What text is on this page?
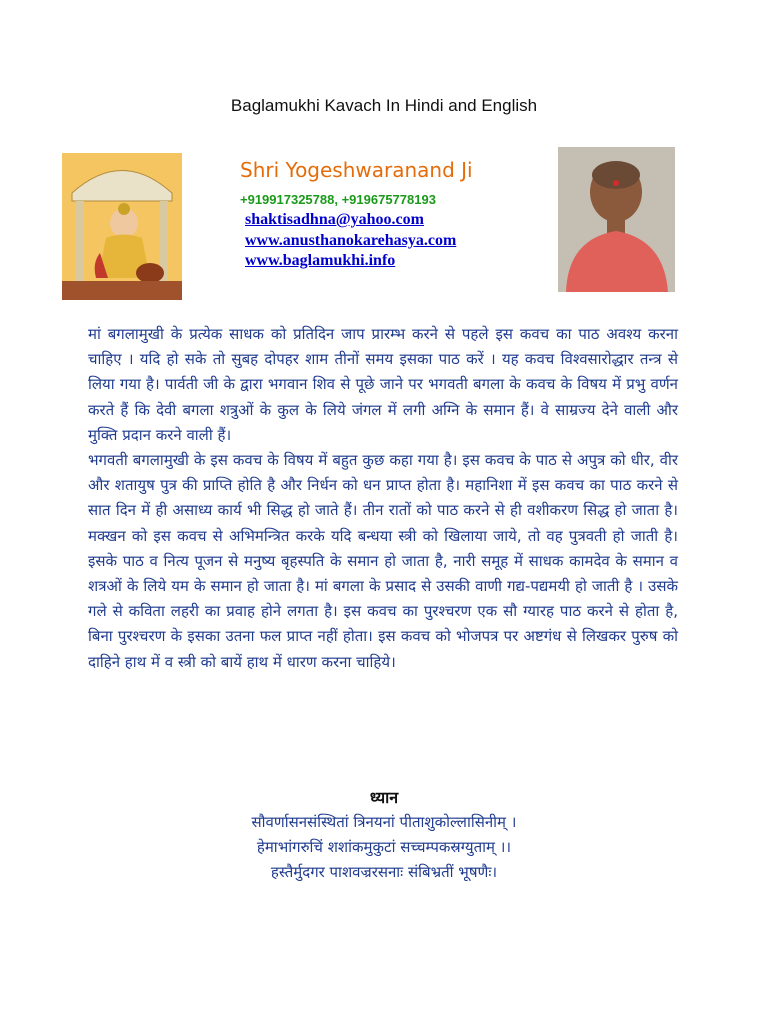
Baglamukhi Kavach In Hindi and English
Shri Yogeshwaranand Ji
+919917325788, +919675778193
shaktisadhna@yahoo.com
www.anusthanokarehasya.com
www.baglamukhi.info

मां बगलामुखी के प्रत्येक साधक को प्रतिदिन जाप प्रारम्भ करने से पहले इस कवच का पाठ अवश्य करना चाहिए । यदि हो सके तो सुबह दोपहर शाम तीनों समय इसका पाठ करें । यह कवच विश्वसारोद्धार तन्त्र से लिया गया है। पार्वती जी के द्वारा भगवान शिव से पूछे जाने पर भगवती बगला के कवच के विषय में प्रभु वर्णन करते हैं कि देवी बगला शत्रुओं के कुल के लिये जंगल में लगी अग्नि के समान हैं। वे साम्रज्य देने वाली और मुक्ति प्रदान करने वाली हैं।

भगवती बगलामुखी के इस कवच के विषय में बहुत कुछ कहा गया है। इस कवच के पाठ से अपुत्र को धीर, वीर और शतायुष पुत्र की प्राप्ति होति है और निर्धन को धन प्राप्त होता है। महानिशा में इस कवच का पाठ करने से सात दिन में ही असाध्य कार्य भी सिद्ध हो जाते हैं। तीन रातों को पाठ करने से ही वशीकरण सिद्ध हो जाता है। मक्खन को इस कवच से अभिमन्त्रित करके यदि बन्धया स्त्री को खिलाया जाये, तो वह पुत्रवती हो जाती है। इसके पाठ व नित्य पूजन से मनुष्य बृहस्पति के समान हो जाता है, नारी समूह में साधक कामदेव के समान व शत्रओं के लिये यम के समान हो जाता है। मां बगला के प्रसाद से उसकी वाणी गद्य-पद्यमयी हो जाती है । उसके गले से कविता लहरी का प्रवाह होने लगता है। इस कवच का पुरश्चरण एक सौ ग्यारह पाठ करने से होता है, बिना पुरश्चरण के इसका उतना फल प्राप्त नहीं होता। इस कवच को भोजपत्र पर अष्टगंध से लिखकर पुरुष को दाहिने हाथ में व स्त्री को बायें हाथ में धारण करना चाहिये।

ध्यान
सौवर्णासनसंस्थितां त्रिनयनां पीताशुकोल्लासिनीम् ।
हेमाभांगरुचिं शशांकमुकुटां सच्चम्पकस्रग्युताम् ।।
हस्तैर्मुदगर पाशवज्ररसनाः संबिभ्रतीं भूषणैः।
